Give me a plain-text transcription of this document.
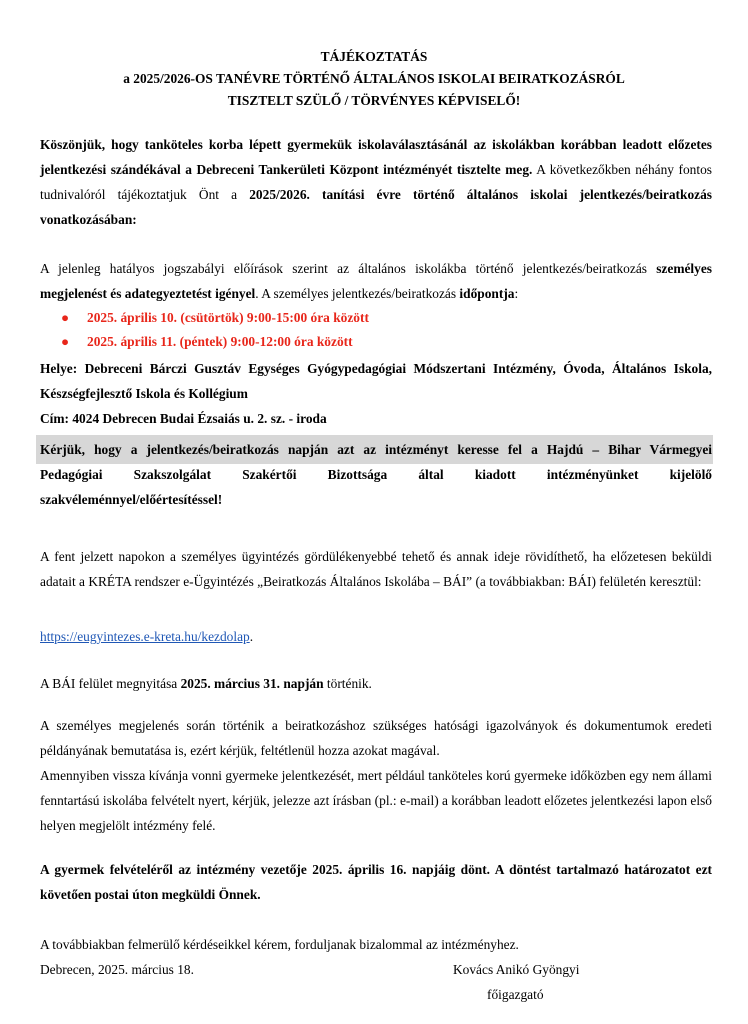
TÁJÉKOZTATÁS
a 2025/2026-OS TANÉVRE TÖRTÉNŐ ÁLTALÁNOS ISKOLAI BEIRATKOZÁSRÓL
TISZTELT SZÜLŐ / TÖRVÉNYES KÉPVISELŐ!
Köszönjük, hogy tanköteles korba lépett gyermekük iskolaválasztásánál az iskolákban korábban leadott előzetes jelentkezési szándékával a Debreceni Tankerületi Központ intézményét tisztelte meg. A következőkben néhány fontos tudnivalóról tájékoztatjuk Önt a 2025/2026. tanítási évre történő általános iskolai jelentkezés/beiratkozás vonatkozásában:
A jelenleg hatályos jogszabályi előírások szerint az általános iskolákba történő jelentkezés/beiratkozás személyes megjelenést és adategyeztetést igényel. A személyes jelentkezés/beiratkozás időpontja:
● 2025. április 10. (csütörtök) 9:00-15:00 óra között
● 2025. április 11. (péntek) 9:00-12:00 óra között
Helye: Debreceni Bárczi Gusztáv Egységes Gyógypedagógiai Módszertani Intézmény, Óvoda, Általános Iskola, Készségfejlesztő Iskola és Kollégium
Cím: 4024 Debrecen Budai Ézsaiás u. 2. sz. - iroda
Kérjük, hogy a jelentkezés/beiratkozás napján azt az intézményt keresse fel a Hajdú – Bihar Vármegyei
Pedagógiai Szakszolgálat Szakértői Bizottsága által kiadott intézményünket kijelölő
szakvéleménnyel/előértesítéssel!
A fent jelzett napokon a személyes ügyintézés gördülékenyebbé tehető és annak ideje rövidíthető, ha előzetesen beküldi adatait a KRÉTA rendszer e-Ügyintézés „Beiratkozás Általános Iskolába – BÁI” (a továbbiakban: BÁI) felületén keresztül:
https://eugyintezes.e-kreta.hu/kezdolap.
A BÁI felület megnyitása 2025. március 31. napján történik.
A személyes megjelenés során történik a beiratkozáshoz szükséges hatósági igazolványok és dokumentumok eredeti példányának bemutatása is, ezért kérjük, feltétlenül hozza azokat magával.
Amennyiben vissza kívánja vonni gyermeke jelentkezését, mert például tanköteles korú gyermeke időközben egy nem állami fenntartású iskolába felvételt nyert, kérjük, jelezze azt írásban (pl.: e-mail) a korábban leadott előzetes jelentkezési lapon első helyen megjelölt intézmény felé.
A gyermek felvételéről az intézmény vezetője 2025. április 16. napjáig dönt. A döntést tartalmazó határozatot ezt követően postai úton megküldi Önnek.
A továbbiakban felmerülő kérdéseikkel kérem, forduljanak bizalommal az intézményhez.
Debrecen, 2025. március 18.	Kovács Anikó Gyöngyi
főigazgató
